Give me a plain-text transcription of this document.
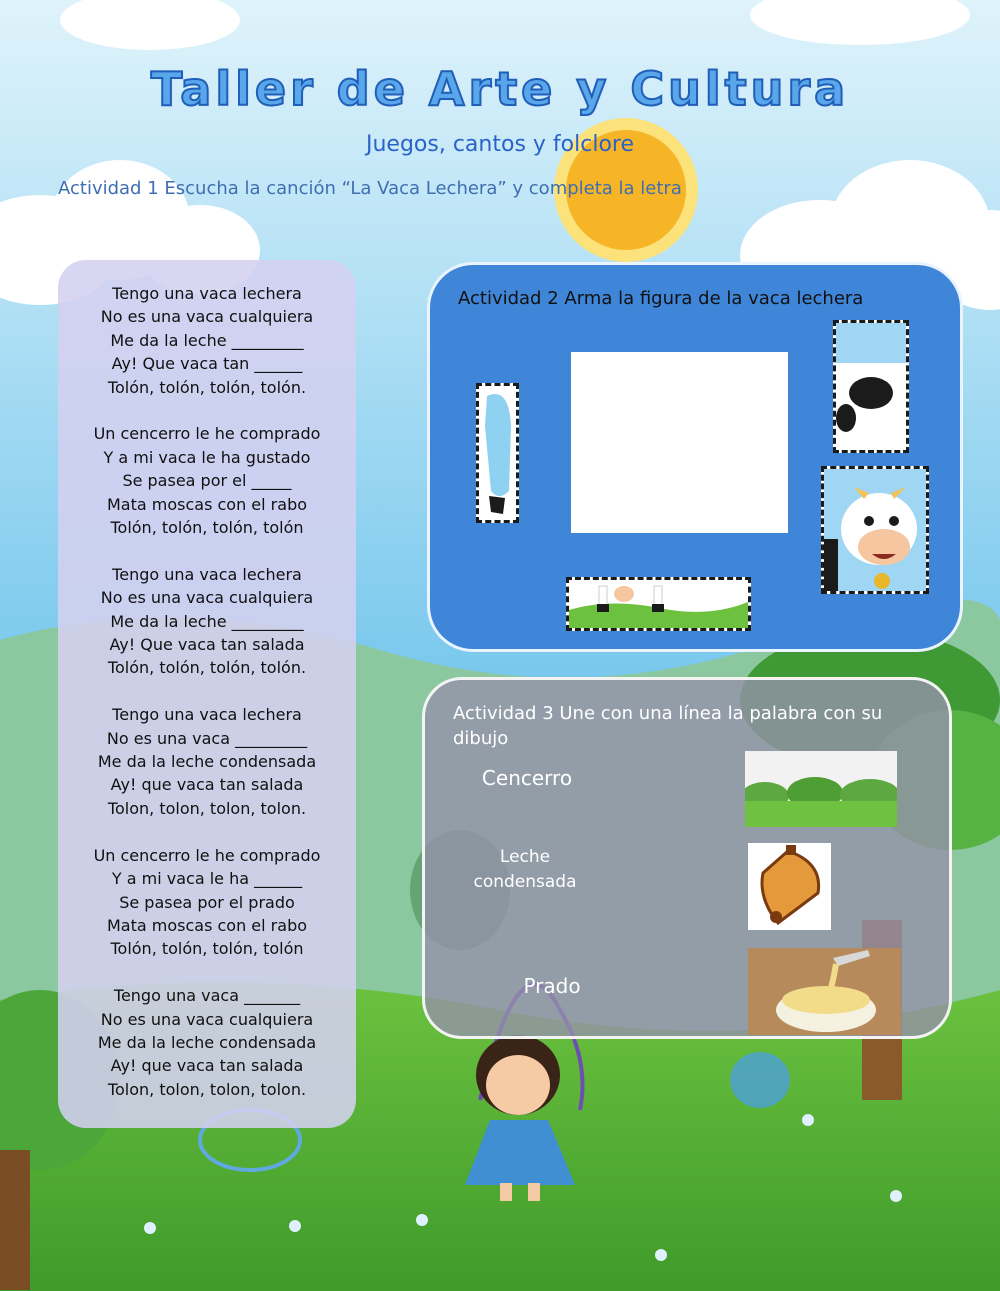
Taller de Arte y Cultura
Juegos, cantos y folclore
Actividad 1 Escucha la canción “La Vaca Lechera” y completa la letra
Tengo una vaca lechera
No es una vaca cualquiera
Me da la leche _________
Ay! Que vaca tan ______
Tolón, tolón, tolón, tolón.
Un cencerro le he comprado
Y a mi vaca le ha gustado
Se pasea por el _____
Mata moscas con el rabo
Tolón, tolón, tolón, tolón
Tengo una vaca lechera
No es una vaca cualquiera
Me da la leche _________
Ay! Que vaca tan salada
Tolón, tolón, tolón, tolón.
Tengo una vaca lechera
No es una vaca _________
Me da la leche condensada
Ay! que vaca tan salada
Tolon, tolon, tolon, tolon.
Un cencerro le he comprado
Y a mi vaca le ha ______
Se pasea por el prado
Mata moscas con el rabo
Tolón, tolón, tolón, tolón
Tengo una vaca _______
No es una vaca cualquiera
Me da la leche condensada
Ay! que vaca tan salada
Tolon, tolon, tolon, tolon.
Actividad 2 Arma la figura de la vaca lechera
Actividad 3 Une con una línea la palabra con su dibujo
Cencerro
Leche
condensada
Prado
